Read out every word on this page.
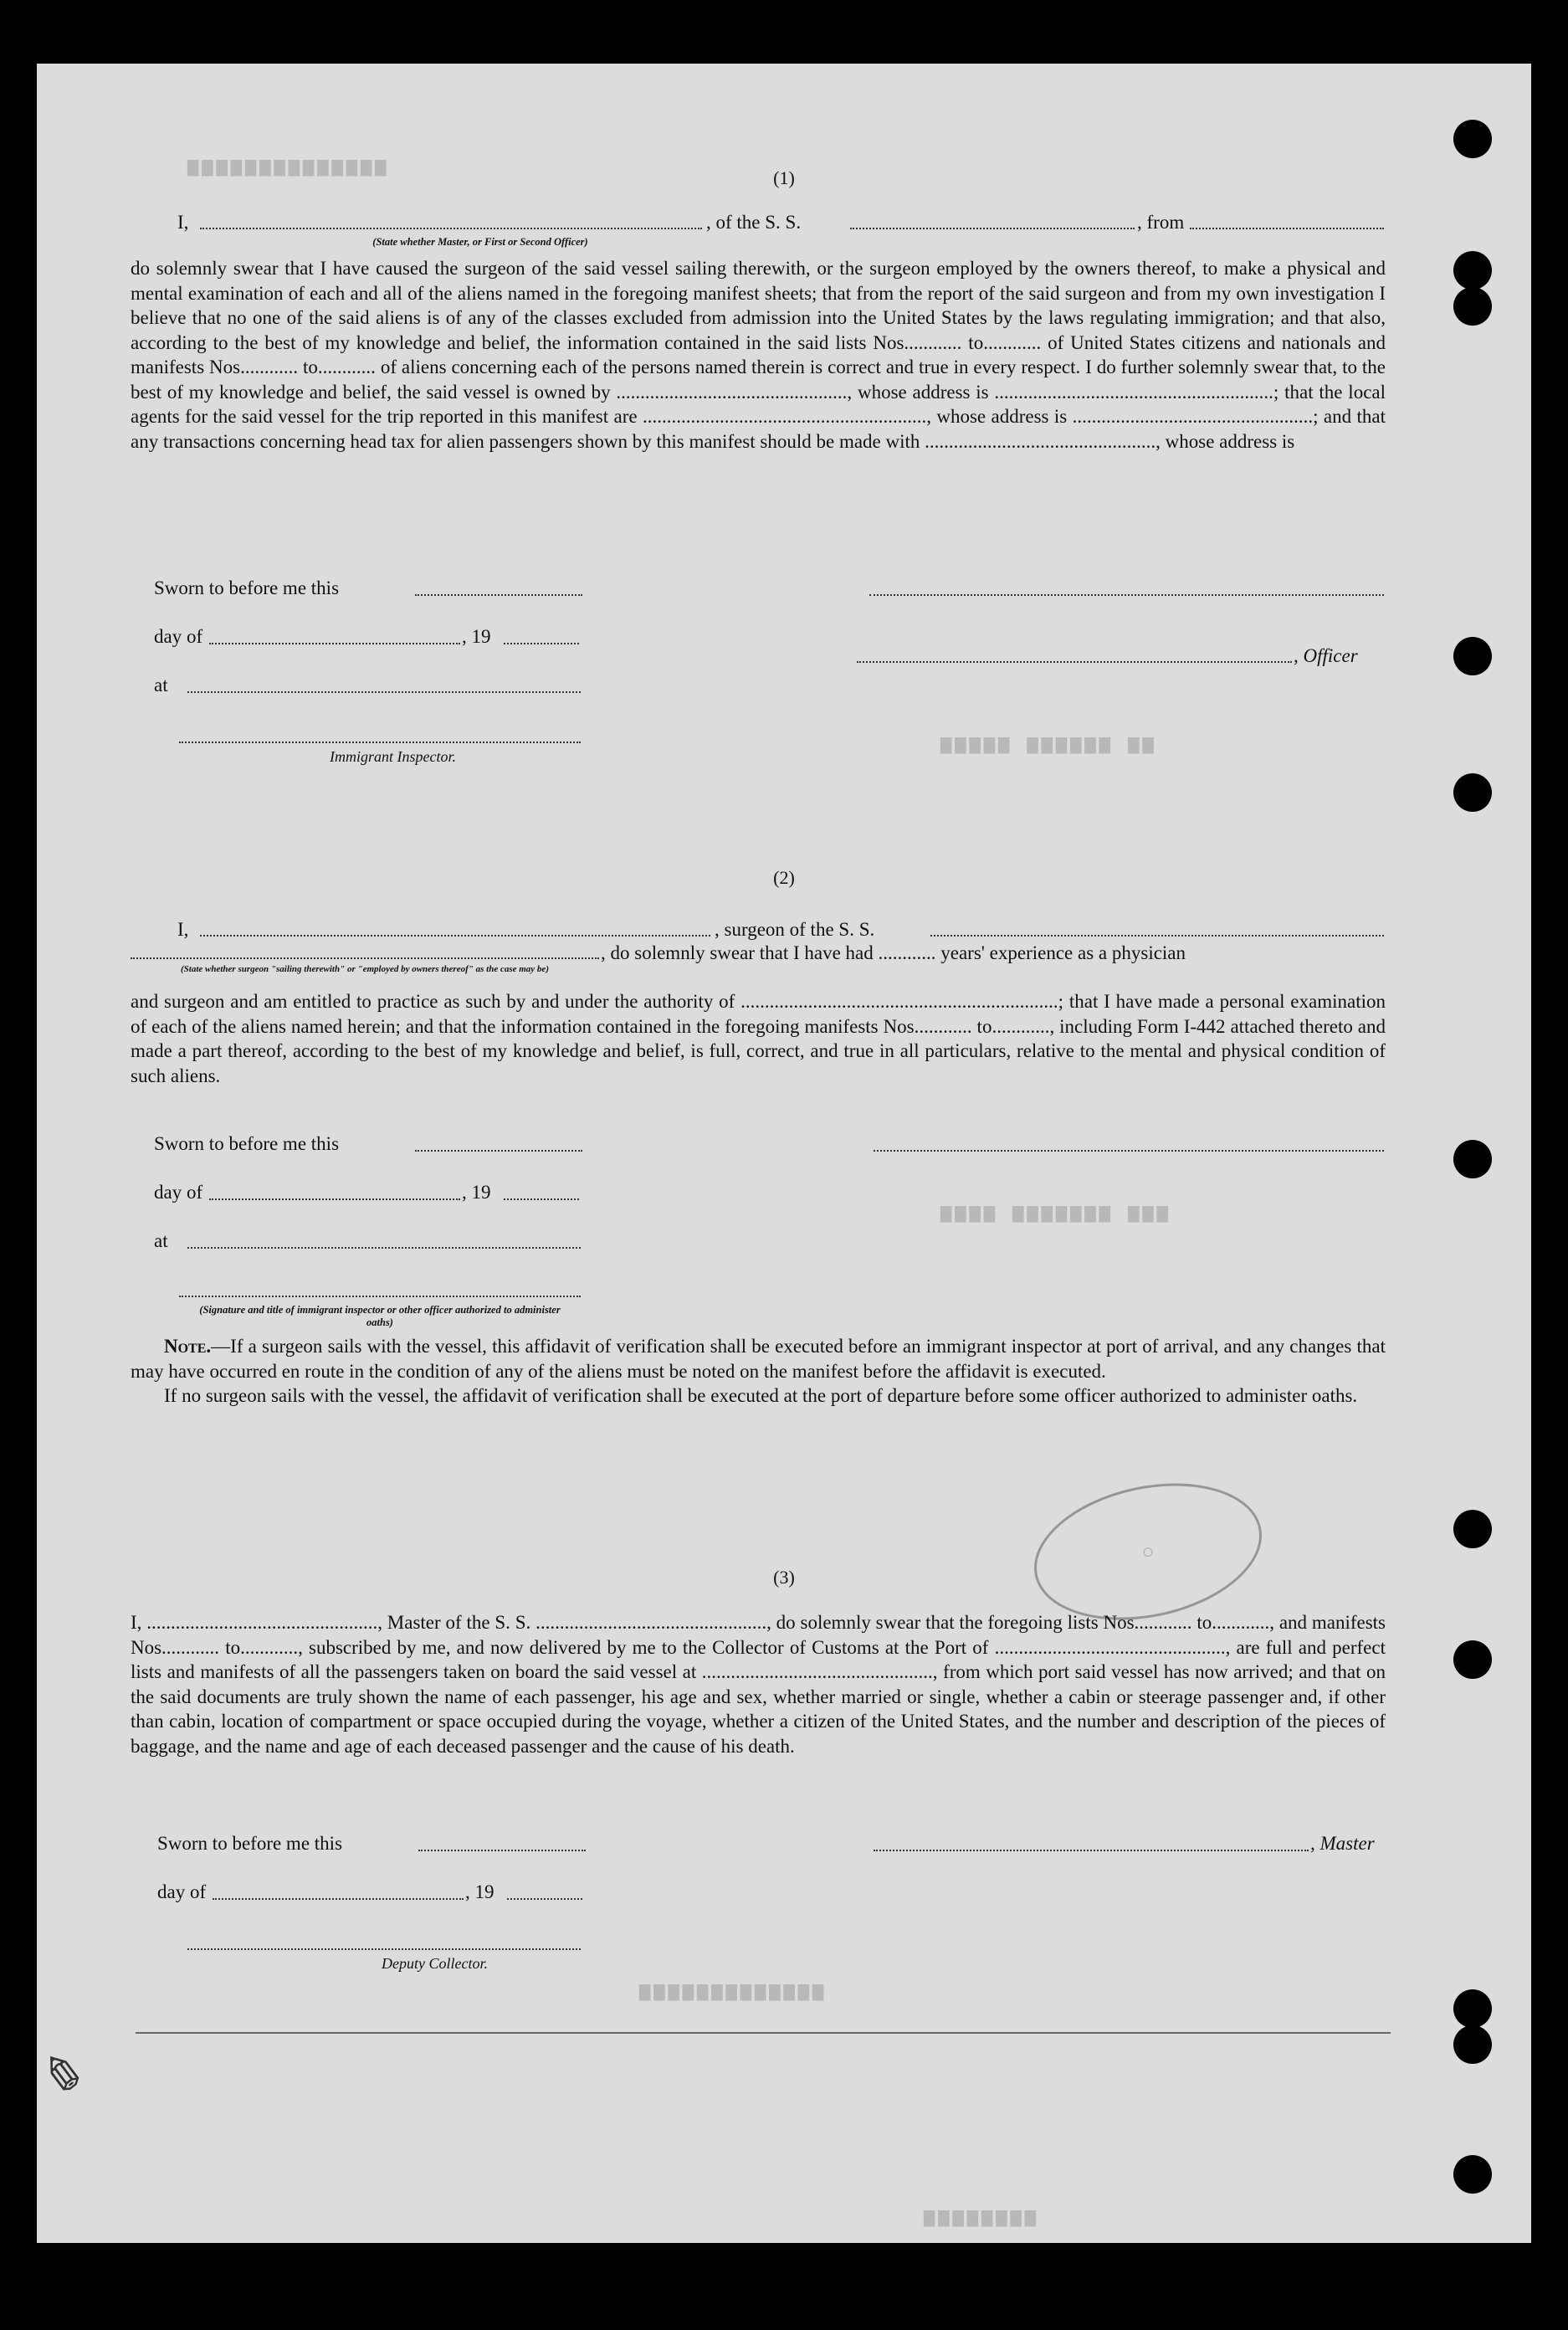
▆▆▆▆▆▆▆▆▆▆▆▆▆▆
▆▆▆▆▆ ▆▆▆▆▆▆ ▆▆
▆▆▆▆ ▆▆▆▆▆▆▆ ▆▆▆
▆▆▆▆▆▆▆▆▆▆▆▆▆
▆▆▆▆▆▆▆▆
(1)
I,	, of the S. S.	, from
(State whether Master, or First or Second Officer)

do solemnly swear that I have caused the surgeon of the said vessel sailing therewith, or the surgeon employed by the owners thereof, to make a physical and mental examination of each and all of the aliens named in the foregoing manifest sheets; that from the report of the said surgeon and from my own investigation I believe that no one of the said aliens is of any of the classes excluded from admission into the United States by the laws regulating immigration; and that also, according to the best of my knowledge and belief, the information contained in the said lists Nos............ to............ of United States citizens and nationals and manifests Nos............ to............ of aliens concerning each of the persons named therein is correct and true in every respect. I do further solemnly swear that, to the best of my knowledge and belief, the said vessel is owned by ................................................, whose address is ..........................................................; that the local agents for the said vessel for the trip reported in this manifest are ..........................................................., whose address is ..................................................; and that any transactions concerning head tax for alien passengers shown by this manifest should be made with ................................................, whose address is

Sworn to before me this
day of	, 19
, Officer
at
Immigrant Inspector.
(2)
I,	, surgeon of the S. S.
, do solemnly swear that I have had ............ years' experience as a physician
(State whether surgeon "sailing therewith" or "employed by owners thereof" as the case may be)

and surgeon and am entitled to practice as such by and under the authority of ..................................................................; that I have made a personal examination of each of the aliens named herein; and that the information contained in the foregoing manifests Nos............ to............, including Form I-442 attached thereto and made a part thereof, according to the best of my knowledge and belief, is full, correct, and true in all particulars, relative to the mental and physical condition of such aliens.

Sworn to before me this
day of	, 19
at
(Signature and title of immigrant inspector or other officer authorized to administer oaths)

Note.—If a surgeon sails with the vessel, this affidavit of verification shall be executed before an immigrant inspector at port of arrival, and any changes that may have occurred en route in the condition of any of the aliens must be noted on the manifest before the affidavit is executed.

If no surgeon sails with the vessel, the affidavit of verification shall be executed at the port of departure before some officer authorized to administer oaths.

◌
(3)

I, ................................................, Master of the S. S. ................................................, do solemnly swear that the foregoing lists Nos............ to............, and manifests Nos............ to............, subscribed by me, and now delivered by me to the Collector of Customs at the Port of ................................................, are full and perfect lists and manifests of all the passengers taken on board the said vessel at ................................................, from which port said vessel has now arrived; and that on the said documents are truly shown the name of each passenger, his age and sex, whether married or single, whether a cabin or steerage passenger and, if other than cabin, location of compartment or space occupied during the voyage, whether a citizen of the United States, and the number and description of the pieces of baggage, and the name and age of each deceased passenger and the cause of his death.

Sworn to before me this	, Master
day of	, 19
Deputy Collector.
✎
